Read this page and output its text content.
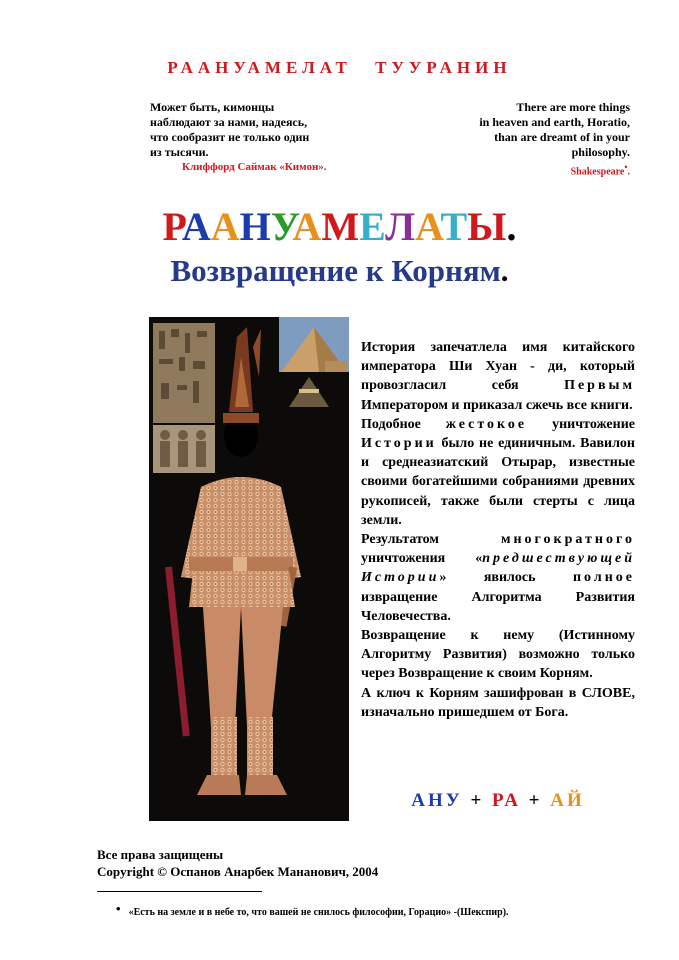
РААНУАМЕЛАТ ТУУРАНИН
Может быть, кимонцы
наблюдают за нами, надеясь,
что сообразит не только один
из тысячи.
Клиффорд Саймак «Кимон».
There are more things
in heaven and earth, Horatio,
than are dreamt of in your
philosophy.
Shakespeare•.
РААНУАМЕЛАТЫ.
Возвращение к Корням.

История запечатлела имя китайского императора Ши Хуан - ди, который провозгласил себя Первым Императором и приказал сжечь все книги.

Подобное жестокое уничтожение Истории было не единичным. Вавилон и среднеазиатский Отырар, известные своими богатейшими собраниями древних рукописей, также были стерты с лица земли.

Результатом многократного уничтожения «предшествующей Истории» явилось полное извращение Алгоритма Развития Человечества.

Возвращение к нему (Истинному Алгоритму Развития) возможно только через Возвращение к своим Корням.

А ключ к Корням зашифрован в СЛОВЕ, изначально пришедшем от Бога.

АНУ + РА + АЙ
Все права защищены
Copyright © Оспанов Анарбек Мананович, 2004
• «Есть на земле и в небе то, что вашей не снилось философии, Горацио» -(Шекспир).
